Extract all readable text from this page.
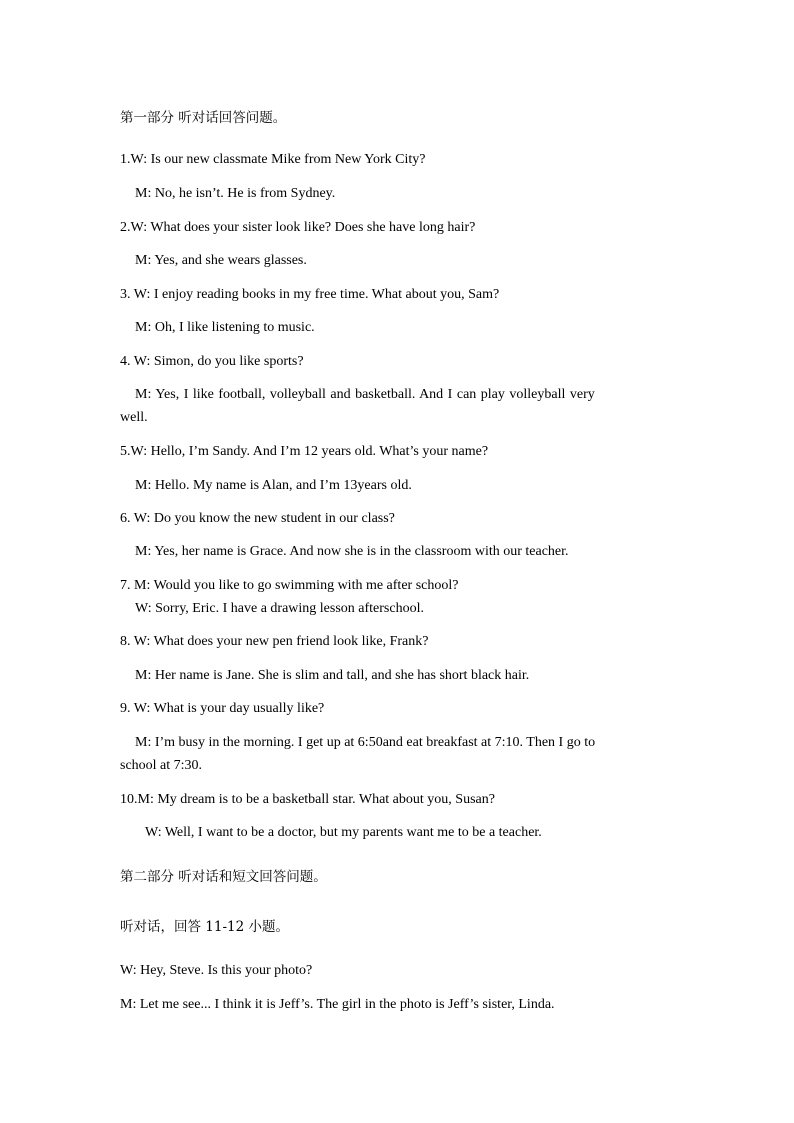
第一部分 听对话回答问题。
1.W: Is our new classmate Mike from New York City?
M: No, he isn’t. He is from Sydney.
2.W: What does your sister look like? Does she have long hair?
M: Yes, and she wears glasses.
3. W: I enjoy reading books in my free time. What about you, Sam?
M: Oh, I like listening to music.
4. W: Simon, do you like sports?
M: Yes, I like football, volleyball and basketball. And I can play volleyball very
well.
5.W: Hello, I’m Sandy. And I’m 12 years old. What’s your name?
M: Hello. My name is Alan, and I’m 13years old.
6. W: Do you know the new student in our class?
M: Yes, her name is Grace. And now she is in the classroom with our teacher.
7. M: Would you like to go swimming with me after school?
W: Sorry, Eric. I have a drawing lesson afterschool.
8. W: What does your new pen friend look like, Frank?
M: Her name is Jane. She is slim and tall, and she has short black hair.
9. W: What is your day usually like?
M: I’m busy in the morning. I get up at 6:50and eat breakfast at 7:10. Then I go to
school at 7:30.
10.M: My dream is to be a basketball star. What about you, Susan?
W: Well, I want to be a doctor, but my parents want me to be a teacher.
第二部分 听对话和短文回答问题。
听对话，回答 11-12 小题。
W: Hey, Steve. Is this your photo?
M: Let me see... I think it is Jeff’s. The girl in the photo is Jeff’s sister, Linda.
